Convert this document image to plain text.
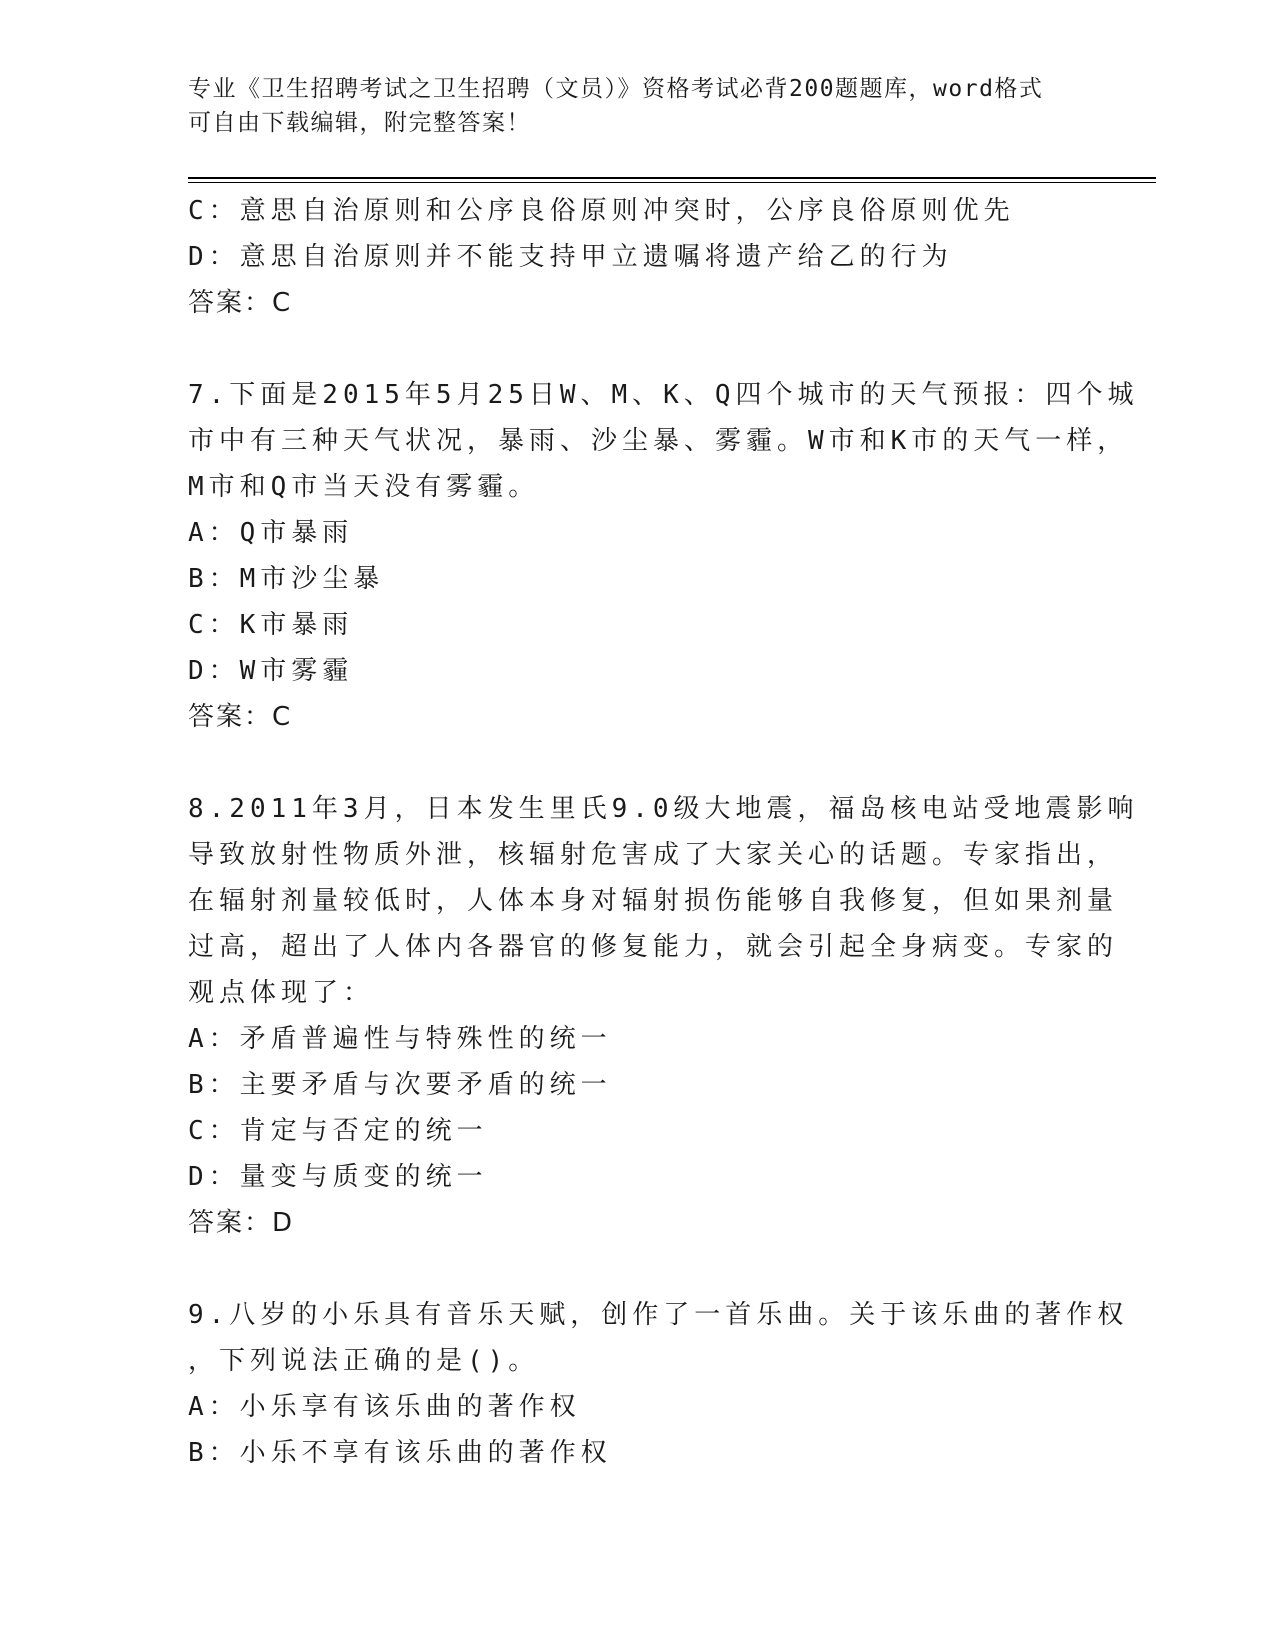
专业《卫生招聘考试之卫生招聘（文员）》资格考试必背200题题库，word格式
可自由下载编辑，附完整答案！
C：意思自治原则和公序良俗原则冲突时，公序良俗原则优先
D：意思自治原则并不能支持甲立遗嘱将遗产给乙的行为
答案：C
7.下面是2015年5月25日W、M、K、Q四个城市的天气预报：四个城
市中有三种天气状况，暴雨、沙尘暴、雾霾。W市和K市的天气一样，
M市和Q市当天没有雾霾。
A：Q市暴雨
B：M市沙尘暴
C：K市暴雨
D：W市雾霾
答案：C
8.2011年3月，日本发生里氏9.0级大地震，福岛核电站受地震影响
导致放射性物质外泄，核辐射危害成了大家关心的话题。专家指出，
在辐射剂量较低时，人体本身对辐射损伤能够自我修复，但如果剂量
过高，超出了人体内各器官的修复能力，就会引起全身病变。专家的
观点体现了：
A：矛盾普遍性与特殊性的统一
B：主要矛盾与次要矛盾的统一
C：肯定与否定的统一
D：量变与质变的统一
答案：D
9.八岁的小乐具有音乐天赋，创作了一首乐曲。关于该乐曲的著作权
，下列说法正确的是()。
A：小乐享有该乐曲的著作权
B：小乐不享有该乐曲的著作权
